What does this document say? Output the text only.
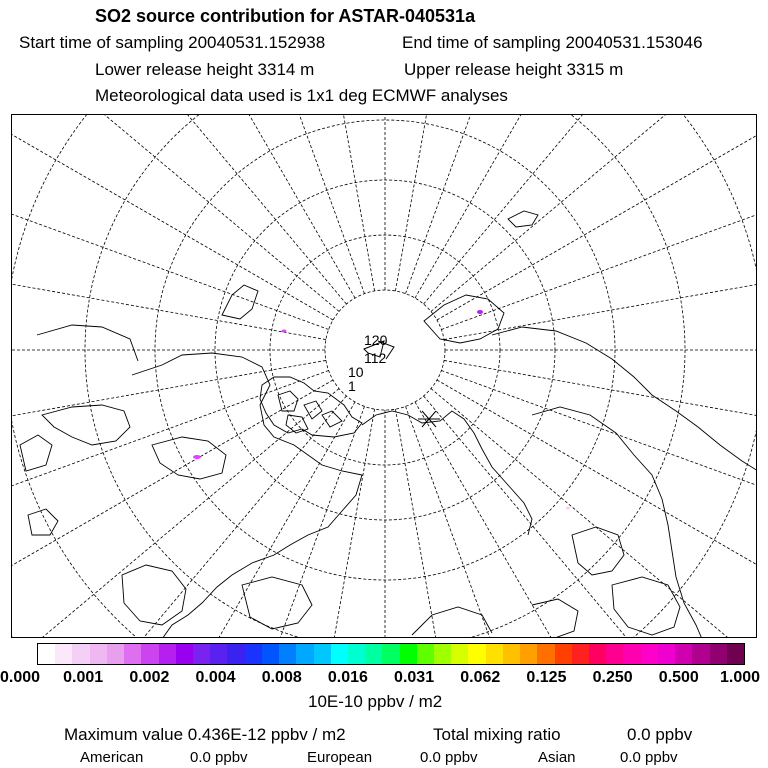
SO2 source contribution for ASTAR-040531a
Start time of sampling 20040531.152938	End time of sampling 20040531.153046
Lower release height 3314 m	Upper release height 3315 m
Meteorological data used is 1x1 deg ECMWF analyses
120
112
10
1
0.000 0.001 0.002 0.004 0.008 0.016 0.031 0.062 0.125 0.250 0.500 1.000
10E-10 ppbv / m2
Maximum value 0.436E-12 ppbv / m2	Total mixing ratio	0.0 ppbv
American	0.0 ppbv	European	0.0 ppbv	Asian	0.0 ppbv
